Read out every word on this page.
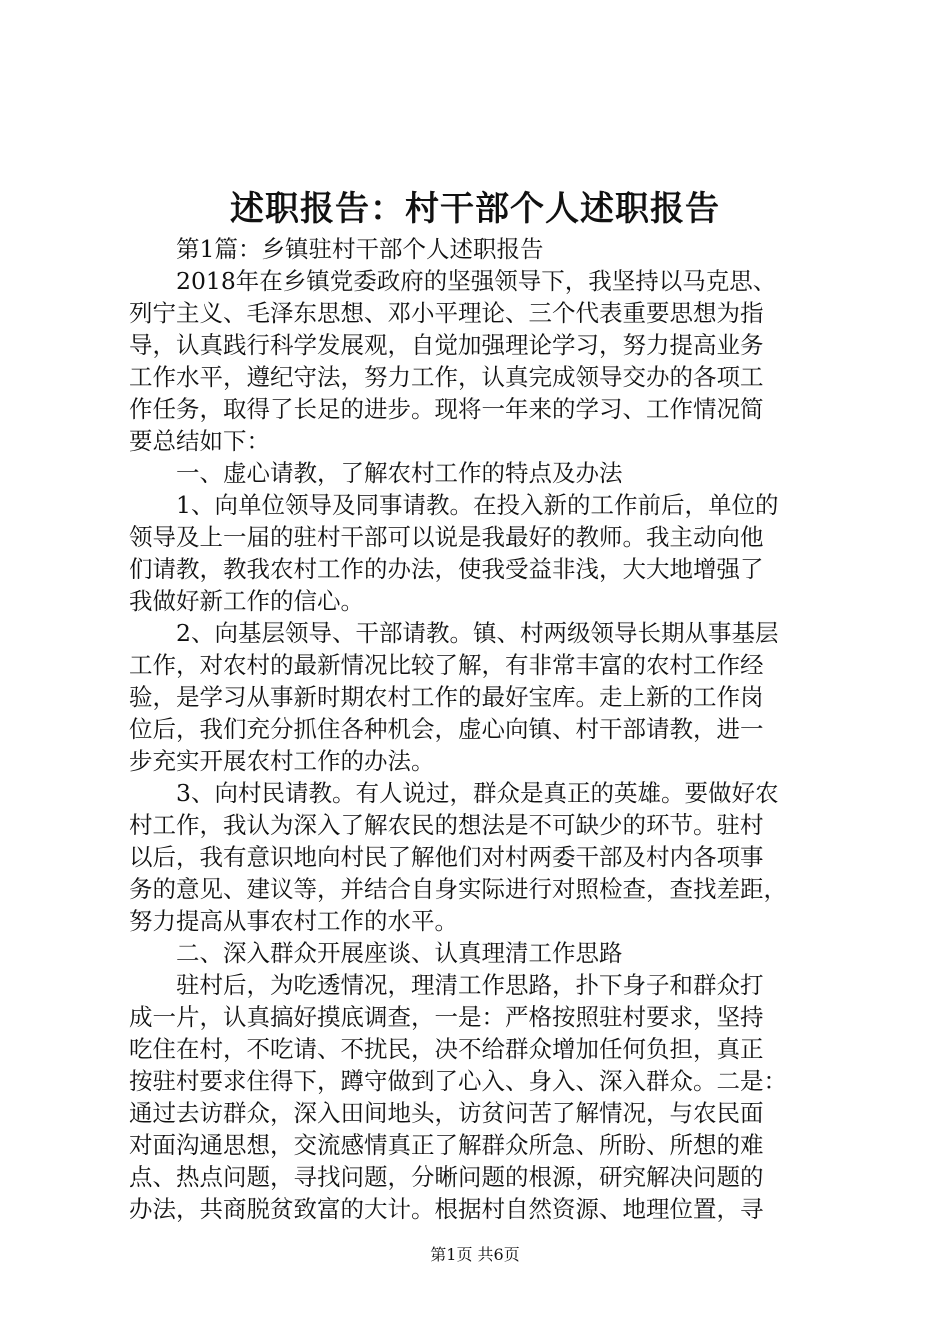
述职报告：村干部个人述职报告
　　第1篇：乡镇驻村干部个人述职报告
　　2018年在乡镇党委政府的坚强领导下，我坚持以马克思、
列宁主义、毛泽东思想、邓小平理论、三个代表重要思想为指
导，认真践行科学发展观，自觉加强理论学习，努力提高业务
工作水平，遵纪守法，努力工作，认真完成领导交办的各项工
作任务，取得了长足的进步。现将一年来的学习、工作情况简
要总结如下：
　　一、虚心请教，了解农村工作的特点及办法
　　1、向单位领导及同事请教。在投入新的工作前后，单位的
领导及上一届的驻村干部可以说是我最好的教师。我主动向他
们请教，教我农村工作的办法，使我受益非浅，大大地增强了
我做好新工作的信心。
　　2、向基层领导、干部请教。镇、村两级领导长期从事基层
工作，对农村的最新情况比较了解，有非常丰富的农村工作经
验，是学习从事新时期农村工作的最好宝库。走上新的工作岗
位后，我们充分抓住各种机会，虚心向镇、村干部请教，进一
步充实开展农村工作的办法。
　　3、向村民请教。有人说过，群众是真正的英雄。要做好农
村工作，我认为深入了解农民的想法是不可缺少的环节。驻村
以后，我有意识地向村民了解他们对村两委干部及村内各项事
务的意见、建议等，并结合自身实际进行对照检查，查找差距，
努力提高从事农村工作的水平。
　　二、深入群众开展座谈、认真理清工作思路
　　驻村后，为吃透情况，理清工作思路，扑下身子和群众打
成一片，认真搞好摸底调查，一是：严格按照驻村要求，坚持
吃住在村，不吃请、不扰民，决不给群众增加任何负担，真正
按驻村要求住得下，蹲守做到了心入、身入、深入群众。二是：
通过去访群众，深入田间地头，访贫问苦了解情况，与农民面
对面沟通思想，交流感情真正了解群众所急、所盼、所想的难
点、热点问题，寻找问题，分晰问题的根源，研究解决问题的
办法，共商脱贫致富的大计。根据村自然资源、地理位置，寻
第1页 共6页
